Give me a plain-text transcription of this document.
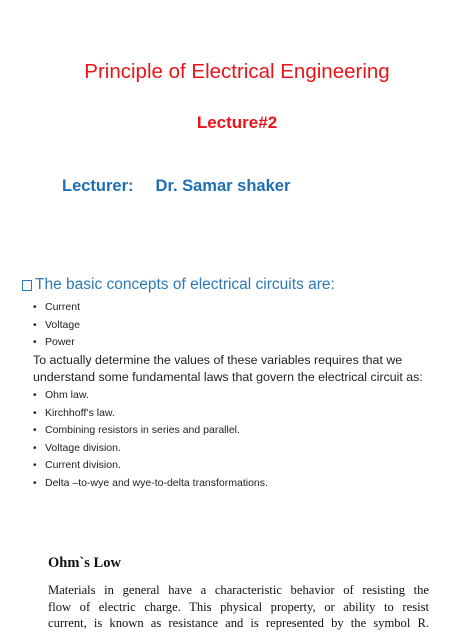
Principle of Electrical Engineering
Lecture#2
Lecturer: Dr. Samar shaker
The basic concepts of electrical circuits are:
• Current
• Voltage
• Power
To actually determine the values of these variables requires that we understand some fundamental laws that govern the electrical circuit as:
• Ohm law.
• Kirchhoff’s law.
• Combining resistors in series and parallel.
• Voltage division.
• Current division.
• Delta –to-wye and wye-to-delta transformations.
Ohm`s Low
Materials in general have a characteristic behavior of resisting the
flow of electric charge. This physical property, or ability to resist
current, is known as resistance and is represented by the symbol R.
